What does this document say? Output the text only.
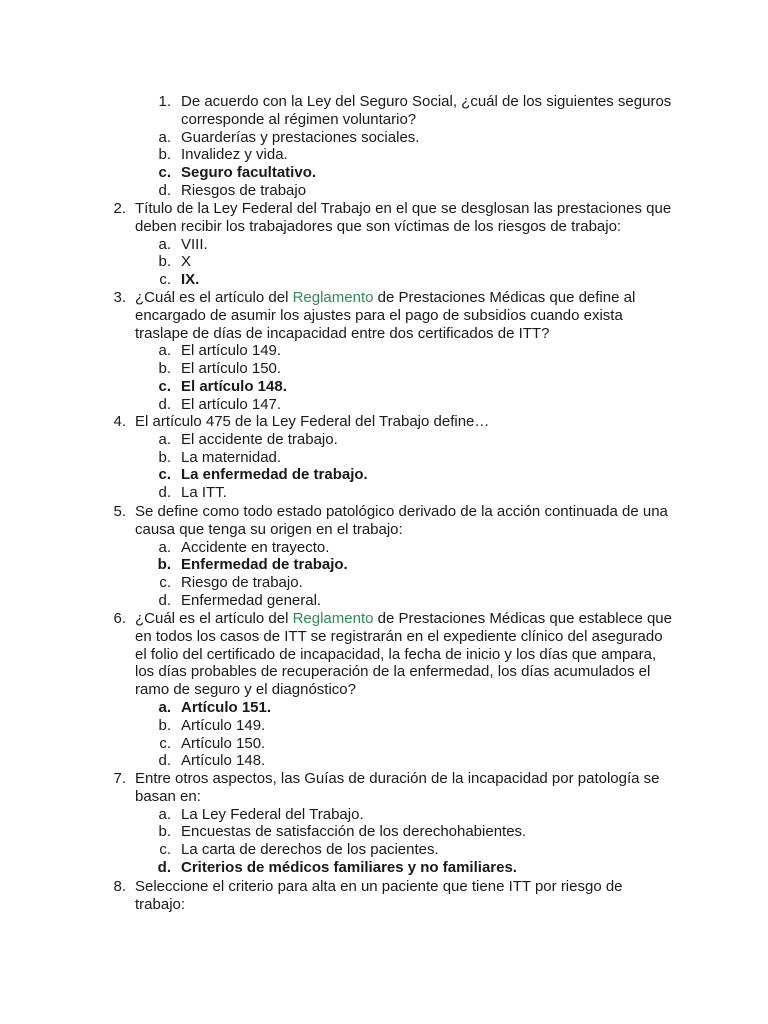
1. De acuerdo con la Ley del Seguro Social, ¿cuál de los siguientes seguros
corresponde al régimen voluntario?
a. Guarderías y prestaciones sociales.
b. Invalidez y vida.
c. Seguro facultativo.
d. Riesgos de trabajo
2. Título de la Ley Federal del Trabajo en el que se desglosan las prestaciones que
deben recibir los trabajadores que son víctimas de los riesgos de trabajo:
a. VIII.
b. X
c. IX.
3. ¿Cuál es el artículo del Reglamento de Prestaciones Médicas que define al
encargado de asumir los ajustes para el pago de subsidios cuando exista
traslape de días de incapacidad entre dos certificados de ITT?
a. El artículo 149.
b. El artículo 150.
c. El artículo 148.
d. El artículo 147.
4. El artículo 475 de la Ley Federal del Trabajo define…
a. El accidente de trabajo.
b. La maternidad.
c. La enfermedad de trabajo.
d. La ITT.
5. Se define como todo estado patológico derivado de la acción continuada de una
causa que tenga su origen en el trabajo:
a. Accidente en trayecto.
b. Enfermedad de trabajo.
c. Riesgo de trabajo.
d. Enfermedad general.
6. ¿Cuál es el artículo del Reglamento de Prestaciones Médicas que establece que
en todos los casos de ITT se registrarán en el expediente clínico del asegurado
el folio del certificado de incapacidad, la fecha de inicio y los días que ampara,
los días probables de recuperación de la enfermedad, los días acumulados el
ramo de seguro y el diagnóstico?
a. Artículo 151.
b. Artículo 149.
c. Artículo 150.
d. Artículo 148.
7. Entre otros aspectos, las Guías de duración de la incapacidad por patología se
basan en:
a. La Ley Federal del Trabajo.
b. Encuestas de satisfacción de los derechohabientes.
c. La carta de derechos de los pacientes.
d. Criterios de médicos familiares y no familiares.
8. Seleccione el criterio para alta en un paciente que tiene ITT por riesgo de
trabajo:
